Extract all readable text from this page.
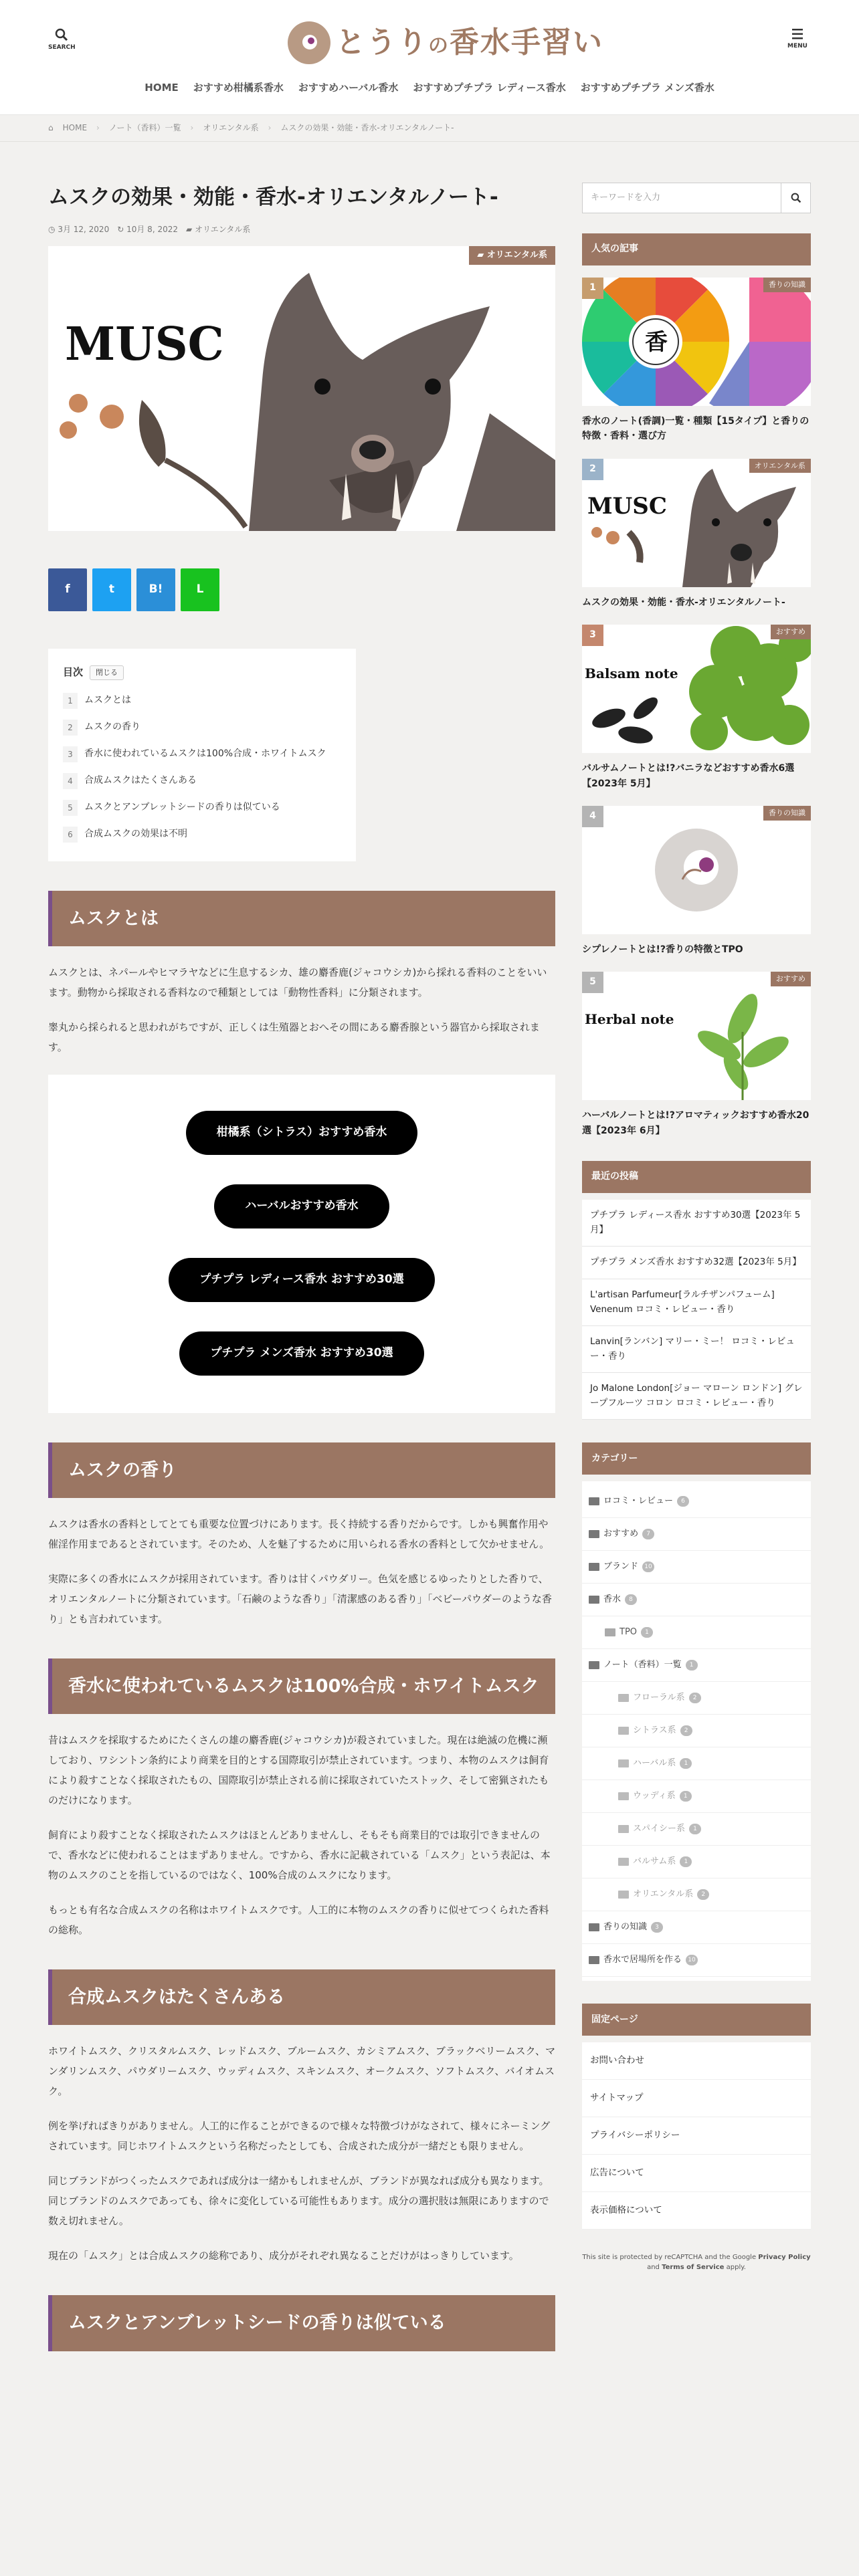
SEARCH	とうりの香水手習い	MENU
HOME おすすめ柑橘系香水 おすすめハーバル香水 おすすめプチプラ レディース香水 おすすめプチプラ メンズ香水
⌂ HOME › ノート（香料）一覧 › オリエンタル系 › ムスクの効果・効能・香水-オリエンタルノート-
ムスクの効果・効能・香水-オリエンタルノート-
◷ 3月 12, 2020 ↻ 10月 8, 2022 ▰ オリエンタル系
▰ オリエンタル系
MUSC
f	t	B!	L
目次	閉じる
1	ムスクとは
2	ムスクの香り
3	香水に使われているムスクは100%合成・ホワイトムスク
4	合成ムスクはたくさんある
5	ムスクとアンブレットシードの香りは似ている
6	合成ムスクの効果は不明
ムスクとは

ムスクとは、ネパールやヒマラヤなどに生息するシカ、雄の麝香鹿(ジャコウシカ)から採れる香料のことをいいます。動物から採取される香料なので種類としては「動物性香料」に分類されます。

睾丸から採られると思われがちですが、正しくは生殖器とおへその間にある麝香腺という器官から採取されます。

柑橘系（シトラス）おすすめ香水
ハーバルおすすめ香水
プチプラ レディース香水 おすすめ30選
プチプラ メンズ香水 おすすめ30選
ムスクの香り

ムスクは香水の香料としてとても重要な位置づけにあります。長く持続する香りだからです。しかも興奮作用や催淫作用まであるとされています。そのため、人を魅了するために用いられる香水の香料として欠かせません。

実際に多くの香水にムスクが採用されています。香りは甘くパウダリー。色気を感じるゆったりとした香りで、オリエンタルノートに分類されています。「石鹸のような香り」「清潔感のある香り」「ベビーパウダーのような香り」とも言われています。

香水に使われているムスクは100%合成・ホワイトムスク

昔はムスクを採取するためにたくさんの雄の麝香鹿(ジャコウシカ)が殺されていました。現在は絶滅の危機に瀕しており、ワシントン条約により商業を目的とする国際取引が禁止されています。つまり、本物のムスクは飼育により殺すことなく採取されたもの、国際取引が禁止される前に採取されていたストック、そして密猟されたものだけになります。

飼育により殺すことなく採取されたムスクはほとんどありませんし、そもそも商業目的では取引できませんので、香水などに使われることはまずありません。ですから、香水に記載されている「ムスク」という表記は、本物のムスクのことを指しているのではなく、100%合成のムスクになります。

もっとも有名な合成ムスクの名称はホワイトムスクです。人工的に本物のムスクの香りに似せてつくられた香料の総称。

合成ムスクはたくさんある

ホワイトムスク、クリスタルムスク、レッドムスク、ブルームスク、カシミアムスク、ブラックベリームスク、マンダリンムスク、パウダリームスク、ウッディムスク、スキンムスク、オークムスク、ソフトムスク、バイオムスク。

例を挙げればきりがありません。人工的に作ることができるので様々な特徴づけがなされて、様々にネーミングされています。同じホワイトムスクという名称だったとしても、合成された成分が一緒だとも限りません。

同じブランドがつくったムスクであれば成分は一緒かもしれませんが、ブランドが異なれば成分も異なります。同じブランドのムスクであっても、徐々に変化している可能性もあります。成分の選択肢は無限にありますので数え切れません。

現在の「ムスク」とは合成ムスクの総称であり、成分がそれぞれ異なることだけがはっきりしています。

ムスクとアンブレットシードの香りは似ている
キーワードを入力
人気の記事
1	香りの知識
香
香水のノート(香調)一覧・種類【15タイプ】と香りの特徴・香料・選び方
2	オリエンタル系
MUSC
ムスクの効果・効能・香水-オリエンタルノート-
3	おすすめ
Balsam note
バルサムノートとは!?バニラなどおすすめ香水6選【2023年 5月】
4	香りの知識
シプレノートとは!?香りの特徴とTPO
5	おすすめ
Herbal note
ハーバルノートとは!?アロマティックおすすめ香水20選【2023年 6月】
最近の投稿
プチプラ レディース香水 おすすめ30選【2023年 5月】
プチプラ メンズ香水 おすすめ32選【2023年 5月】
L'artisan Parfumeur[ラルチザンパフューム] Venenum ロコミ・レビュー・香り
Lanvin[ランバン] マリー・ミー！ ロコミ・レビュー・香り
Jo Malone London[ジョー マローン ロンドン] グレープフルーツ コロン ロコミ・レビュー・香り
カテゴリー
ロコミ・レビュー	6
おすすめ	7
ブランド	10
香水	8
TPO	1
ノート（香料）一覧	1
フローラル系	2
シトラス系	2
ハーバル系	1
ウッディ系	1
スパイシー系	1
バルサム系	1
オリエンタル系	2
香りの知識	3
香水で居場所を作る	10
固定ページ
お問い合わせ
サイトマップ
プライバシーポリシー
広告について
表示価格について
This site is protected by reCAPTCHA and the Google Privacy Policy
and Terms of Service apply.
